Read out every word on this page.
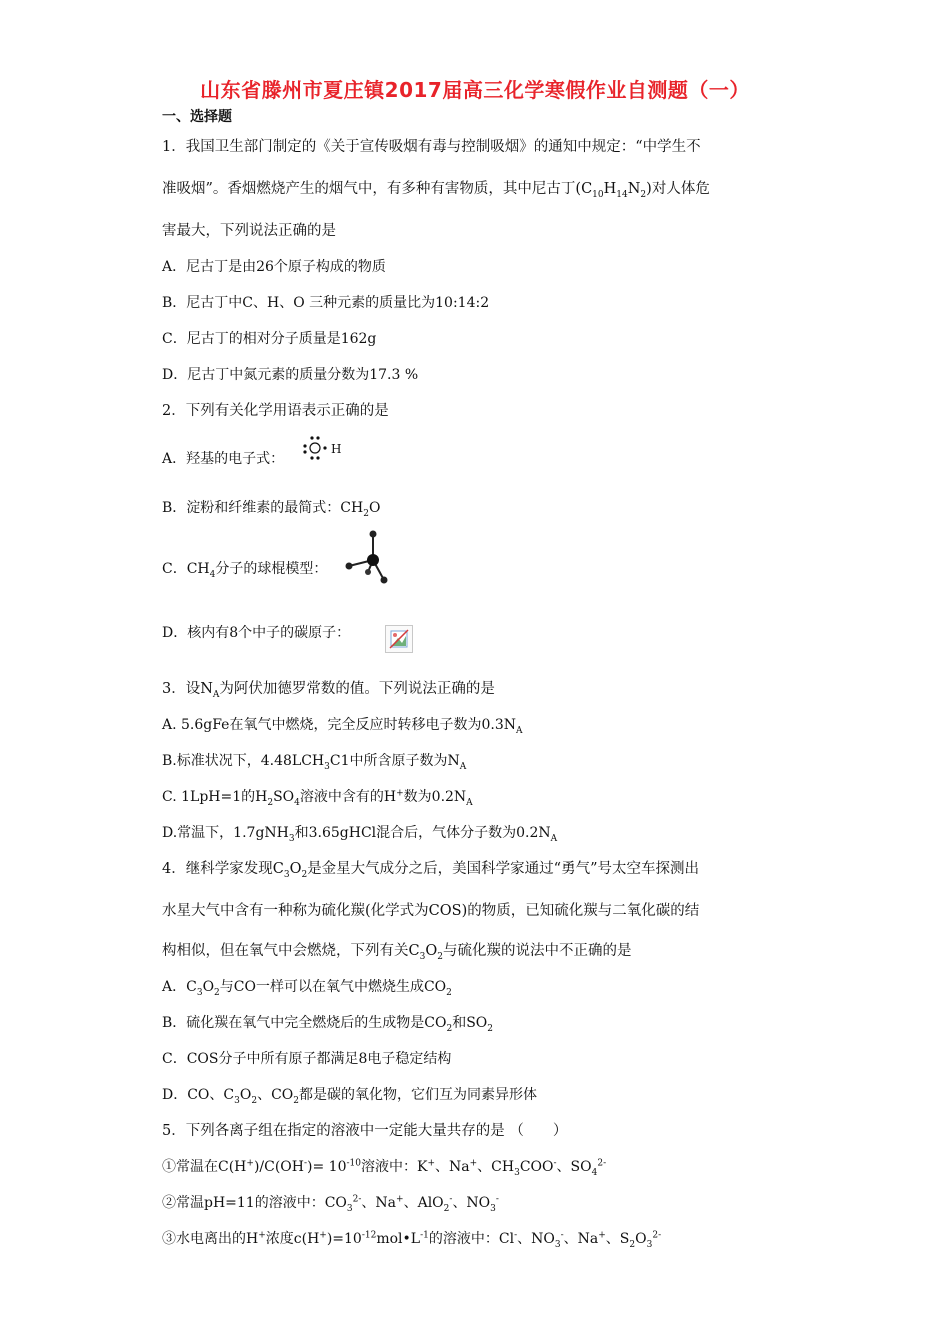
山东省滕州市夏庄镇2017届高三化学寒假作业自测题（一）
一、选择题
1．我国卫生部门制定的《关于宣传吸烟有毒与控制吸烟》的通知中规定：“中学生不
准吸烟”。香烟燃烧产生的烟气中，有多种有害物质，其中尼古丁$(C_{10}H_{14}N_2)$对人体危
害最大，下列说法正确的是
A．尼古丁是由26个原子构成的物质
B．尼古丁中C、H、O 三种元素的质量比为10:14:2
C．尼古丁的相对分子质量是162g
D．尼古丁中氮元素的质量分数为17.3 %
2．下列有关化学用语表示正确的是
A．羟基的电子式：
H
B．淀粉和纤维素的最简式：$CH_2O$
C．$CH_4$分子的球棍模型：
D．核内有8个中子的碳原子：
3．设$N_A$为阿伏加德罗常数的值。下列说法正确的是
A. 5.6gFe在氧气中燃烧，完全反应时转移电子数为$0.3N_A$
B.标准状况下，$4.48LCH_3C1$中所含原子数为$N_A$
C. 1LpH=1的$H_2SO_4$溶液中含有的H+数为$0.2N_A$
D.常温下，1.7gNH$_3$和3.65gHCl混合后，气体分子数为$0.2N_A$
4．继科学家发现$C_3O_2$是金星大气成分之后，美国科学家通过“勇气”号太空车探测出
水星大气中含有一种称为硫化羰(化学式为COS)的物质，已知硫化羰与二氧化碳的结
构相似，但在氧气中会燃烧，下列有关$C_3O_2$与硫化羰的说法中不正确的是
A．$C_3O_2$与CO一样可以在氧气中燃烧生成$CO_2$
B．硫化羰在氧气中完全燃烧后的生成物是$CO_2$和$SO_2$
C．COS分子中所有原子都满足8电子稳定结构
D．CO、$C_3O_2$、$CO_2$都是碳的氧化物，它们互为同素异形体
5．下列各离子组在指定的溶液中一定能大量共存的是 （　　）
①常温在$C(H^+)/C(OH^-)= 10^{-10}$溶液中：K+、Na+、$CH_3COO^-$、$SO_4^{2-}$
②常温pH=11的溶液中：$CO_3^{2-}$、Na+、AlO$_2$-、$NO_3^-$
③水电离出的H+浓度$c(H^+)=10^{-12}mol•L^{-1}$的溶液中：Cl-、$NO_3^-$、Na+、$S_2O_3^{2-}$
